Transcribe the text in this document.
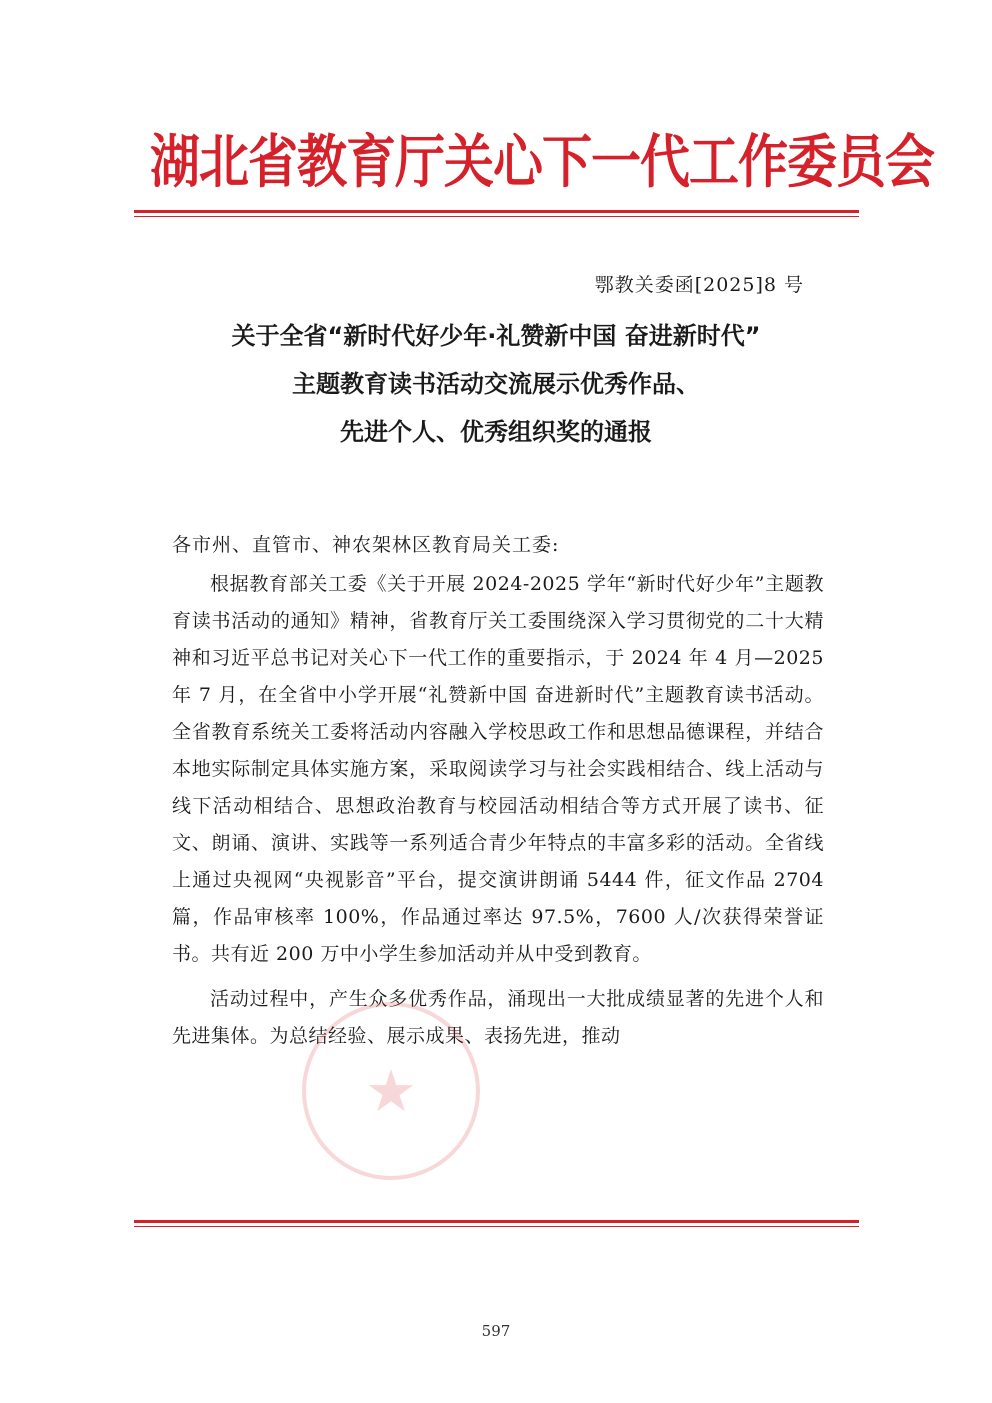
湖北省教育厅关心下一代工作委员会
鄂教关委函[2025]8 号
关于全省“新时代好少年·礼赞新中国 奋进新时代”
主题教育读书活动交流展示优秀作品、
先进个人、优秀组织奖的通报
各市州、直管市、神农架林区教育局关工委:

根据教育部关工委《关于开展 2024-2025 学年“新时代好少年”主题教育读书活动的通知》精神，省教育厅关工委围绕深入学习贯彻党的二十大精神和习近平总书记对关心下一代工作的重要指示，于 2024 年 4 月—2025 年 7 月，在全省中小学开展“礼赞新中国 奋进新时代”主题教育读书活动。全省教育系统关工委将活动内容融入学校思政工作和思想品德课程，并结合本地实际制定具体实施方案，采取阅读学习与社会实践相结合、线上活动与线下活动相结合、思想政治教育与校园活动相结合等方式开展了读书、征文、朗诵、演讲、实践等一系列适合青少年特点的丰富多彩的活动。全省线上通过央视网“央视影音”平台，提交演讲朗诵 5444 件，征文作品 2704 篇，作品审核率 100%，作品通过率达 97.5%，7600 人/次获得荣誉证书。共有近 200 万中小学生参加活动并从中受到教育。

活动过程中，产生众多优秀作品，涌现出一大批成绩显著的先进个人和先进集体。为总结经验、展示成果、表扬先进，推动

★
597
